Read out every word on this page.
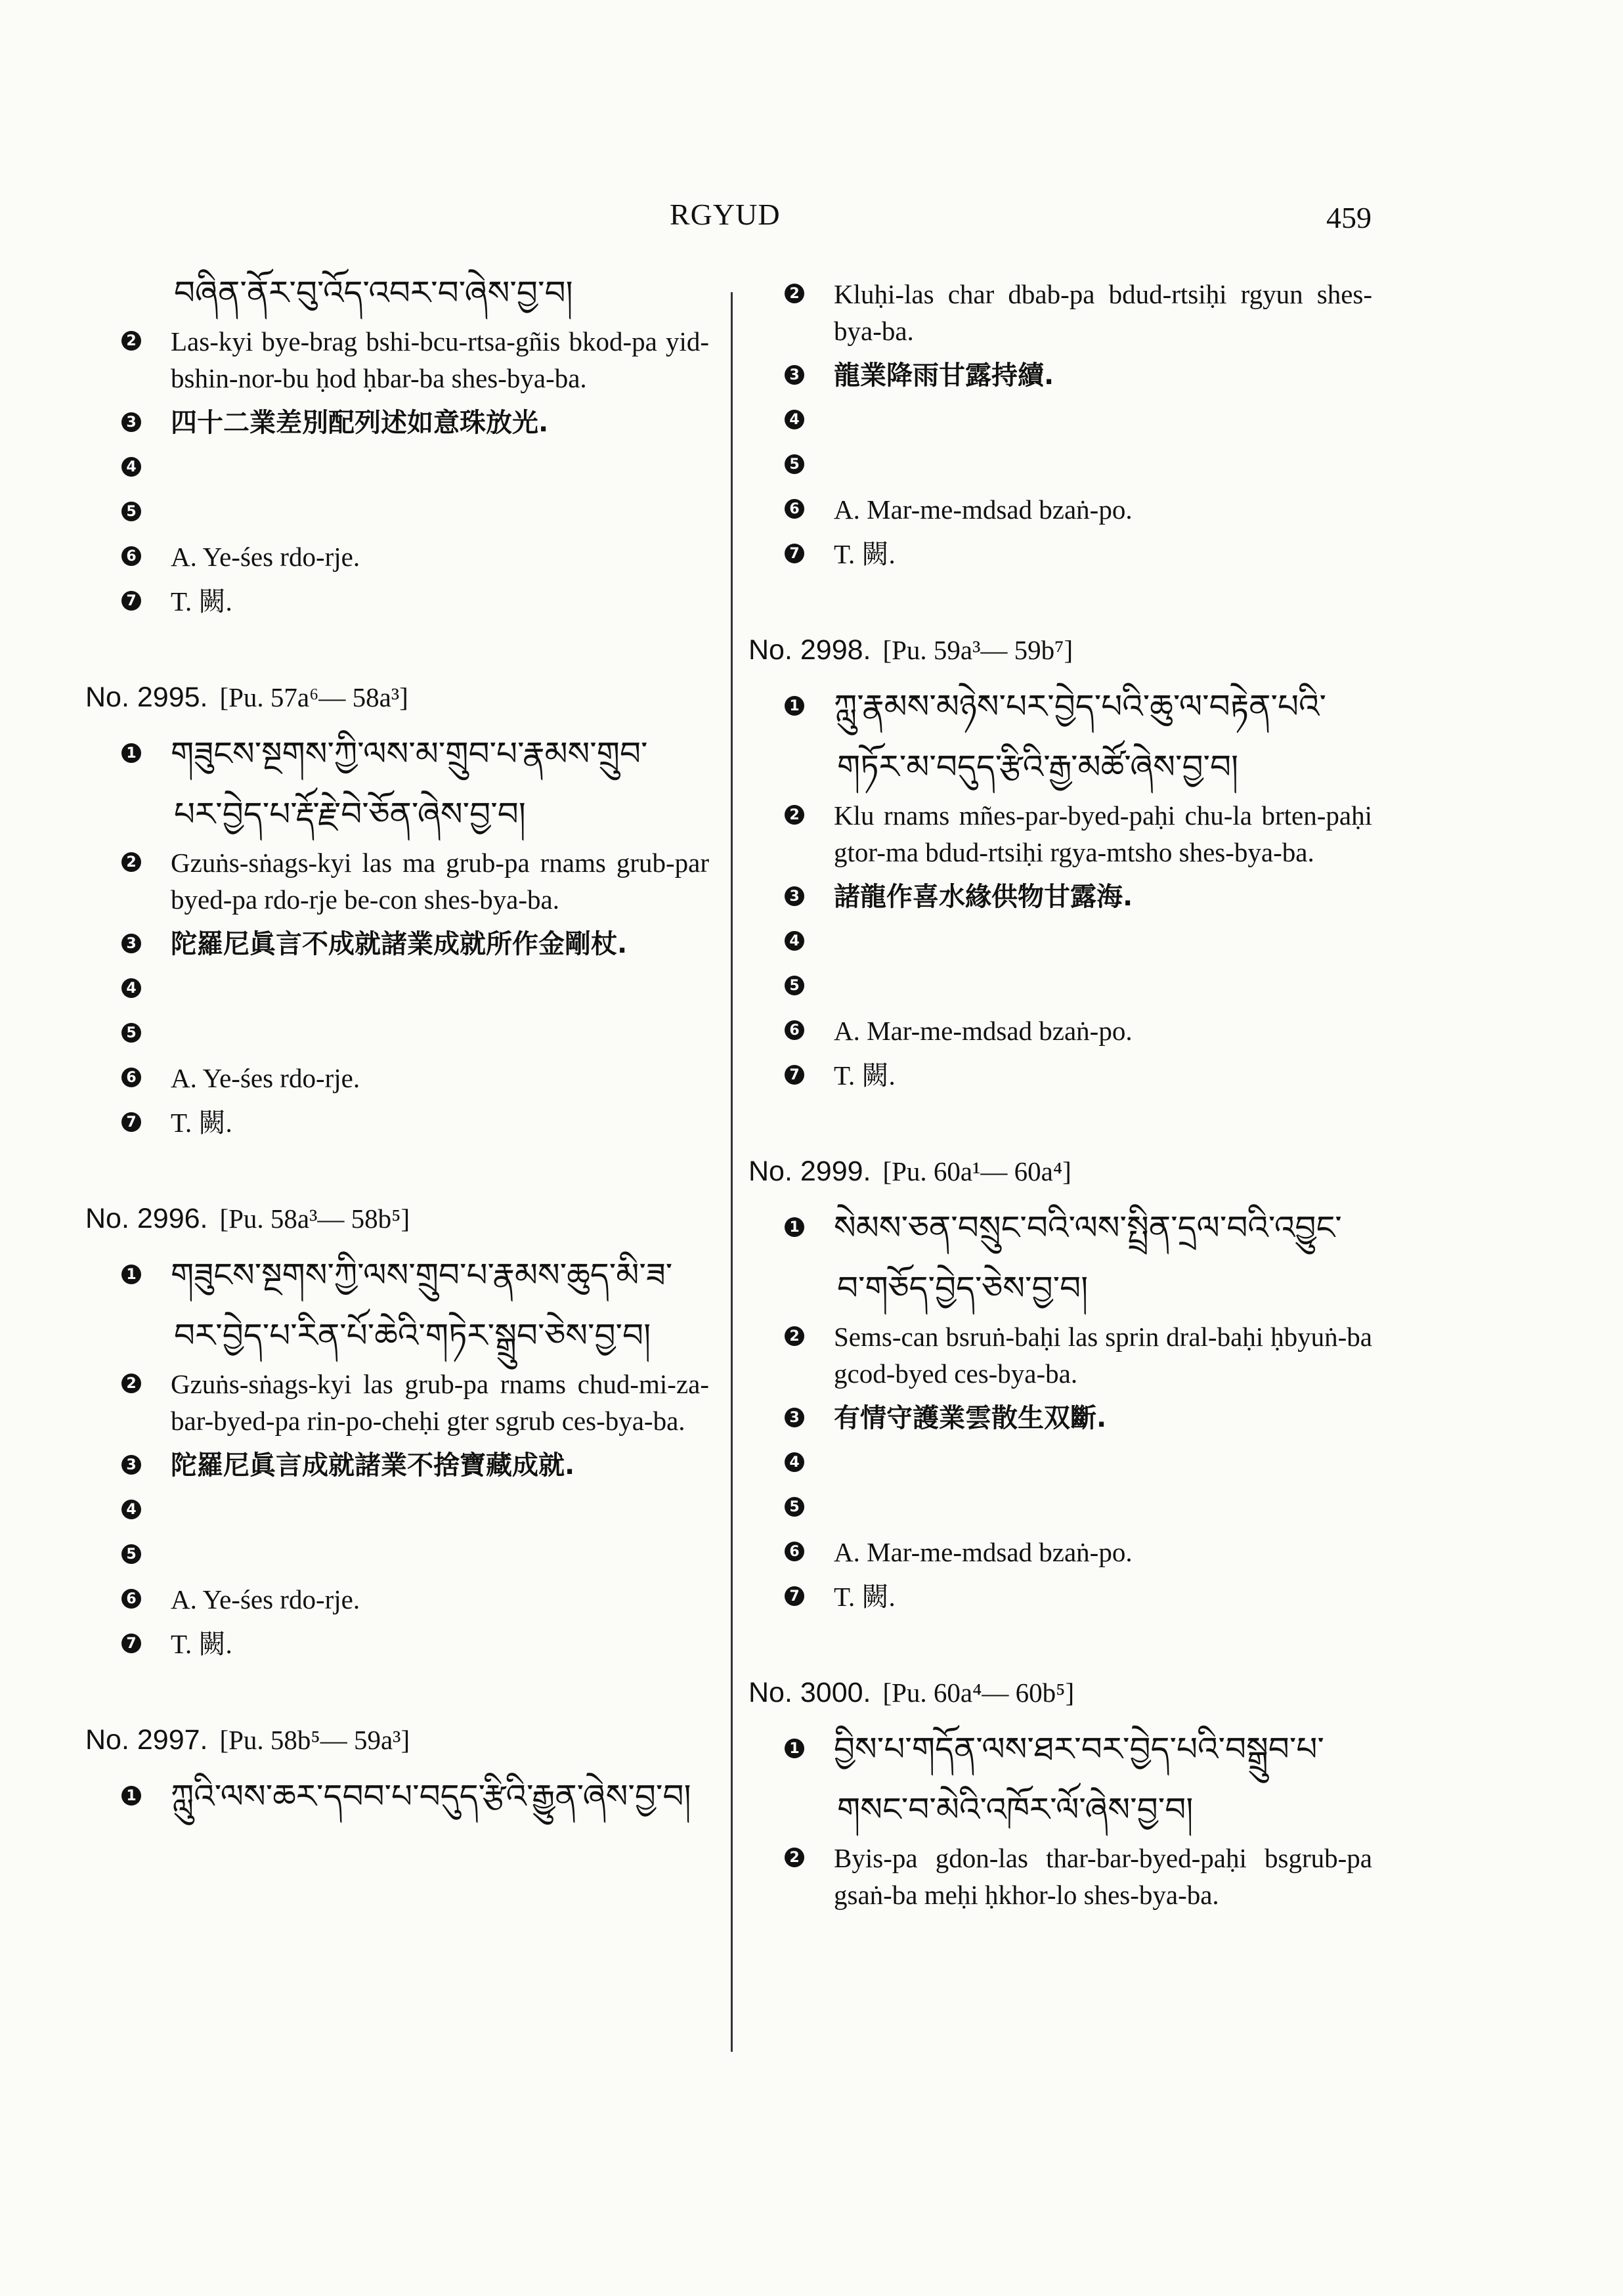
RGYUD	459
བཞིན་ནོར་བུ་འོད་འབར་བ་ཞེས་བྱ་བ།
2 Las-kyi bye-brag bshi-bcu-rtsa-gñis bkod-pa yid-bshin-nor-bu ḥod ḥbar-ba shes-bya-ba.
3 四十二業差別配列述如意珠放光.
4
5
6 A. Ye-śes rdo-rje.
7 T. 闕.
No. 2995. [Pu. 57a⁶— 58a³]
1 གཟུངས་སྔགས་ཀྱི་ལས་མ་གྲུབ་པ་རྣམས་གྲུབ་
པར་བྱེད་པ་རྡོ་རྗེ་བེ་ཅོན་ཞེས་བྱ་བ།
2 Gzuṅs-sṅags-kyi las ma grub-pa rnams grub-par byed-pa rdo-rje be-con shes-bya-ba.
3 陀羅尼眞言不成就諸業成就所作金剛杖.
4
5
6 A. Ye-śes rdo-rje.
7 T. 闕.
No. 2996. [Pu. 58a³— 58b⁵]
1 གཟུངས་སྔགས་ཀྱི་ལས་གྲུབ་པ་རྣམས་ཆུད་མི་ཟ་
བར་བྱེད་པ་རིན་པོ་ཆེའི་གཏེར་སྒྲུབ་ཅེས་བྱ་བ།
2 Gzuṅs-sṅags-kyi las grub-pa rnams chud-mi-za-bar-byed-pa rin-po-cheḥi gter sgrub ces-bya-ba.
3 陀羅尼眞言成就諸業不捨寶藏成就.
4
5
6 A. Ye-śes rdo-rje.
7 T. 闕.
No. 2997. [Pu. 58b⁵— 59a³]
1 ཀླུའི་ལས་ཆར་དབབ་པ་བདུད་རྩིའི་རྒྱུན་ཞེས་བྱ་བ།
2 Kluḥi-las char dbab-pa bdud-rtsiḥi rgyun shes-bya-ba.
3 龍業降雨甘露持續.
4
5
6 A. Mar-me-mdsad bzaṅ-po.
7 T. 闕.
No. 2998. [Pu. 59a³— 59b⁷]
1 ཀླུ་རྣམས་མཉེས་པར་བྱེད་པའི་ཆུ་ལ་བརྟེན་པའི་
གཏོར་མ་བདུད་རྩིའི་རྒྱ་མཚོ་ཞེས་བྱ་བ།
2 Klu rnams mñes-par-byed-paḥi chu-la brten-paḥi gtor-ma bdud-rtsiḥi rgya-mtsho shes-bya-ba.
3 諸龍作喜水緣供物甘露海.
4
5
6 A. Mar-me-mdsad bzaṅ-po.
7 T. 闕.
No. 2999. [Pu. 60a¹— 60a⁴]
1 སེམས་ཅན་བསྲུང་བའི་ལས་སྤྲིན་དྲལ་བའི་འབྱུང་
བ་གཅོད་བྱེད་ཅེས་བྱ་བ།
2 Sems-can bsruṅ-baḥi las sprin dral-baḥi ḥbyuṅ-ba gcod-byed ces-bya-ba.
3 有情守護業雲散生双斷.
4
5
6 A. Mar-me-mdsad bzaṅ-po.
7 T. 闕.
No. 3000. [Pu. 60a⁴— 60b⁵]
1 བྱིས་པ་གདོན་ལས་ཐར་བར་བྱེད་པའི་བསྒྲུབ་པ་
གསང་བ་མེའི་འཁོར་ལོ་ཞེས་བྱ་བ།
2 Byis-pa gdon-las thar-bar-byed-paḥi bsgrub-pa gsaṅ-ba meḥi ḥkhor-lo shes-bya-ba.
